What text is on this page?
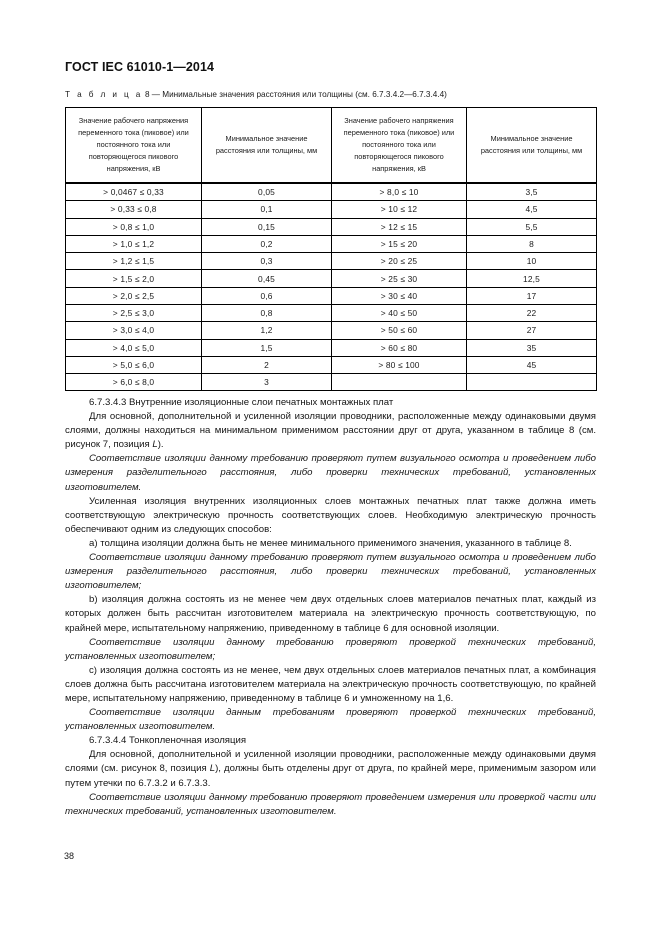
ГОСТ IEC 61010-1—2014
Т а б л и ц а 8 — Минимальные значения расстояния или толщины (см. 6.7.3.4.2—6.7.3.4.4)
Значение рабочего напряжения переменного тока (пиковое) или постоянного тока или повторяющегося пикового напряжения, кВ	Минимальное значение расстояния или толщины, мм	Значение рабочего напряжения переменного тока (пиковое) или постоянного тока или повторяющегося пикового напряжения, кВ	Минимальное значение расстояния или толщины, мм
> 0,0467 ≤ 0,33	0,05	> 8,0 ≤ 10	3,5
> 0,33 ≤ 0,8	0,1	> 10 ≤ 12	4,5
> 0,8 ≤ 1,0	0,15	> 12 ≤ 15	5,5
> 1,0 ≤ 1,2	0,2	> 15 ≤ 20	8
> 1,2 ≤ 1,5	0,3	> 20 ≤ 25	10
> 1,5 ≤ 2,0	0,45	> 25 ≤ 30	12,5
> 2,0 ≤ 2,5	0,6	> 30 ≤ 40	17
> 2,5 ≤ 3,0	0,8	> 40 ≤ 50	22
> 3,0 ≤ 4,0	1,2	> 50 ≤ 60	27
> 4,0 ≤ 5,0	1,5	> 60 ≤ 80	35
> 5,0 ≤ 6,0	2	> 80 ≤ 100	45
> 6,0 ≤ 8,0	3		

6.7.3.4.3 Внутренние изоляционные слои печатных монтажных плат

Для основной, дополнительной и усиленной изоляции проводники, расположенные между одинаковыми двумя слоями, должны находиться на минимальном применимом расстоянии друг от друга, указанном в таблице 8 (см. рисунок 7, позиция L).

Соответствие изоляции данному требованию проверяют путем визуального осмотра и проведением либо измерения разделительного расстояния, либо проверки технических требований, установленных изготовителем.

Усиленная изоляция внутренних изоляционных слоев монтажных печатных плат также должна иметь соответствующую электрическую прочность соответствующих слоев. Необходимую электрическую прочность обеспечивают одним из следующих способов:

a) толщина изоляции должна быть не менее минимального применимого значения, указанного в таблице 8.

Соответствие изоляции данному требованию проверяют путем визуального осмотра и проведением либо измерения разделительного расстояния, либо проверки технических требований, установленных изготовителем;

b) изоляция должна состоять из не менее чем двух отдельных слоев материалов печатных плат, каждый из которых должен быть рассчитан изготовителем материала на электрическую прочность соответствующую, по крайней мере, испытательному напряжению, приведенному в таблице 6 для основной изоляции.

Соответствие изоляции данному требованию проверяют проверкой технических требований, установленных изготовителем;

c) изоляция должна состоять из не менее, чем двух отдельных слоев материалов печатных плат, а комбинация слоев должна быть рассчитана изготовителем материала на электрическую прочность соответствующую, по крайней мере, испытательному напряжению, приведенному в таблице 6 и умноженному на 1,6.

Соответствие изоляции данным требованиям проверяют проверкой технических требований, установленных изготовителем.

6.7.3.4.4 Тонкопленочная изоляция

Для основной, дополнительной и усиленной изоляции проводники, расположенные между одинаковыми двумя слоями (см. рисунок 8, позиция L), должны быть отделены друг от друга, по крайней мере, применимым зазором или путем утечки по 6.7.3.2 и 6.7.3.3.

Соответствие изоляции данному требованию проверяют проведением измерения или проверкой части или технических требований, установленных изготовителем.

38
